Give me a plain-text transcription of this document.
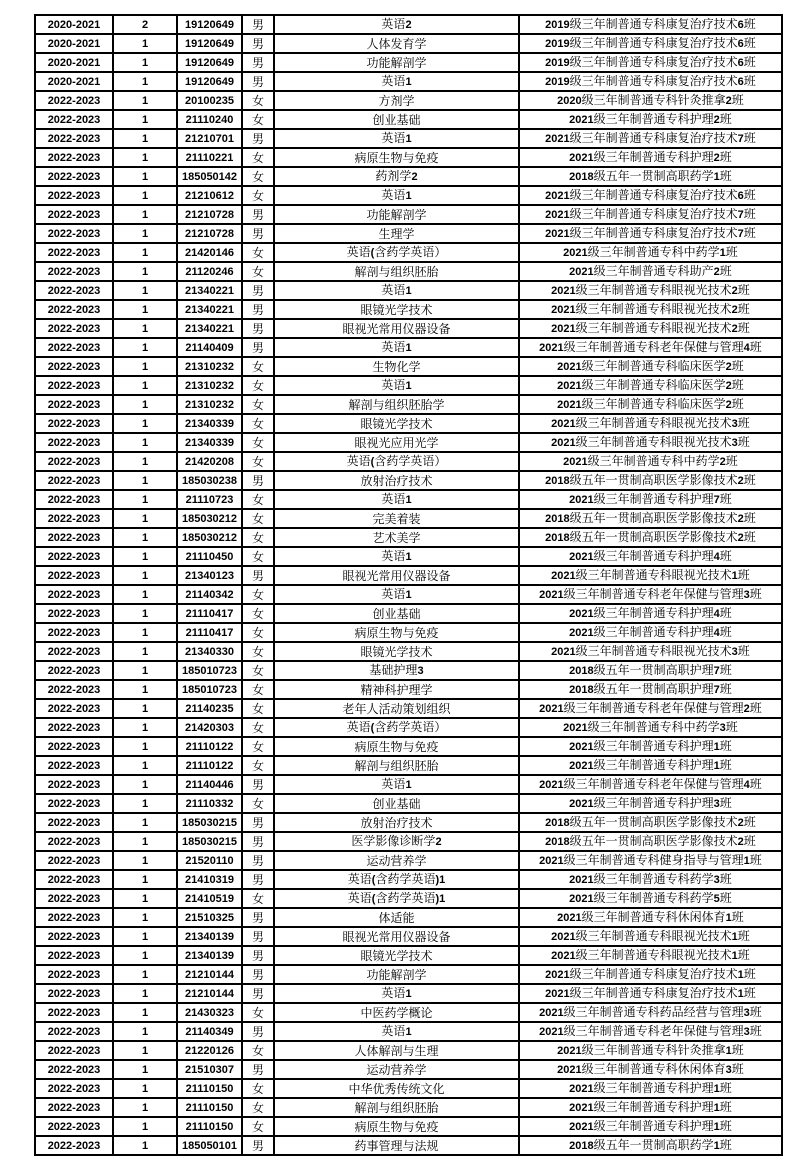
2020-2021	2	19120649	男	英语2	2019级三年制普通专科康复治疗技术6班
2020-2021	1	19120649	男	人体发育学	2019级三年制普通专科康复治疗技术6班
2020-2021	1	19120649	男	功能解剖学	2019级三年制普通专科康复治疗技术6班
2020-2021	1	19120649	男	英语1	2019级三年制普通专科康复治疗技术6班
2022-2023	1	20100235	女	方剂学	2020级三年制普通专科针灸推拿2班
2022-2023	1	21110240	女	创业基础	2021级三年制普通专科护理2班
2022-2023	1	21210701	男	英语1	2021级三年制普通专科康复治疗技术7班
2022-2023	1	21110221	女	病原生物与免疫	2021级三年制普通专科护理2班
2022-2023	1	185050142	女	药剂学2	2018级五年一贯制高职药学1班
2022-2023	1	21210612	女	英语1	2021级三年制普通专科康复治疗技术6班
2022-2023	1	21210728	男	功能解剖学	2021级三年制普通专科康复治疗技术7班
2022-2023	1	21210728	男	生理学	2021级三年制普通专科康复治疗技术7班
2022-2023	1	21420146	女	英语(含药学英语）	2021级三年制普通专科中药学1班
2022-2023	1	21120246	女	解剖与组织胚胎	2021级三年制普通专科助产2班
2022-2023	1	21340221	男	英语1	2021级三年制普通专科眼视光技术2班
2022-2023	1	21340221	男	眼镜光学技术	2021级三年制普通专科眼视光技术2班
2022-2023	1	21340221	男	眼视光常用仪器设备	2021级三年制普通专科眼视光技术2班
2022-2023	1	21140409	男	英语1	2021级三年制普通专科老年保健与管理4班
2022-2023	1	21310232	女	生物化学	2021级三年制普通专科临床医学2班
2022-2023	1	21310232	女	英语1	2021级三年制普通专科临床医学2班
2022-2023	1	21310232	女	解剖与组织胚胎学	2021级三年制普通专科临床医学2班
2022-2023	1	21340339	女	眼镜光学技术	2021级三年制普通专科眼视光技术3班
2022-2023	1	21340339	女	眼视光应用光学	2021级三年制普通专科眼视光技术3班
2022-2023	1	21420208	女	英语(含药学英语）	2021级三年制普通专科中药学2班
2022-2023	1	185030238	男	放射治疗技术	2018级五年一贯制高职医学影像技术2班
2022-2023	1	21110723	女	英语1	2021级三年制普通专科护理7班
2022-2023	1	185030212	女	完美着装	2018级五年一贯制高职医学影像技术2班
2022-2023	1	185030212	女	艺术美学	2018级五年一贯制高职医学影像技术2班
2022-2023	1	21110450	女	英语1	2021级三年制普通专科护理4班
2022-2023	1	21340123	男	眼视光常用仪器设备	2021级三年制普通专科眼视光技术1班
2022-2023	1	21140342	女	英语1	2021级三年制普通专科老年保健与管理3班
2022-2023	1	21110417	女	创业基础	2021级三年制普通专科护理4班
2022-2023	1	21110417	女	病原生物与免疫	2021级三年制普通专科护理4班
2022-2023	1	21340330	女	眼镜光学技术	2021级三年制普通专科眼视光技术3班
2022-2023	1	185010723	女	基础护理3	2018级五年一贯制高职护理7班
2022-2023	1	185010723	女	精神科护理学	2018级五年一贯制高职护理7班
2022-2023	1	21140235	女	老年人活动策划组织	2021级三年制普通专科老年保健与管理2班
2022-2023	1	21420303	女	英语(含药学英语）	2021级三年制普通专科中药学3班
2022-2023	1	21110122	女	病原生物与免疫	2021级三年制普通专科护理1班
2022-2023	1	21110122	女	解剖与组织胚胎	2021级三年制普通专科护理1班
2022-2023	1	21140446	男	英语1	2021级三年制普通专科老年保健与管理4班
2022-2023	1	21110332	女	创业基础	2021级三年制普通专科护理3班
2022-2023	1	185030215	男	放射治疗技术	2018级五年一贯制高职医学影像技术2班
2022-2023	1	185030215	男	医学影像诊断学2	2018级五年一贯制高职医学影像技术2班
2022-2023	1	21520110	男	运动营养学	2021级三年制普通专科健身指导与管理1班
2022-2023	1	21410319	男	英语(含药学英语)1	2021级三年制普通专科药学3班
2022-2023	1	21410519	女	英语(含药学英语)1	2021级三年制普通专科药学5班
2022-2023	1	21510325	男	体适能	2021级三年制普通专科休闲体育1班
2022-2023	1	21340139	男	眼视光常用仪器设备	2021级三年制普通专科眼视光技术1班
2022-2023	1	21340139	男	眼镜光学技术	2021级三年制普通专科眼视光技术1班
2022-2023	1	21210144	男	功能解剖学	2021级三年制普通专科康复治疗技术1班
2022-2023	1	21210144	男	英语1	2021级三年制普通专科康复治疗技术1班
2022-2023	1	21430323	女	中医药学概论	2021级三年制普通专科药品经营与管理3班
2022-2023	1	21140349	男	英语1	2021级三年制普通专科老年保健与管理3班
2022-2023	1	21220126	女	人体解剖与生理	2021级三年制普通专科针灸推拿1班
2022-2023	1	21510307	男	运动营养学	2021级三年制普通专科休闲体育3班
2022-2023	1	21110150	女	中华优秀传统文化	2021级三年制普通专科护理1班
2022-2023	1	21110150	女	解剖与组织胚胎	2021级三年制普通专科护理1班
2022-2023	1	21110150	女	病原生物与免疫	2021级三年制普通专科护理1班
2022-2023	1	185050101	男	药事管理与法规	2018级五年一贯制高职药学1班
